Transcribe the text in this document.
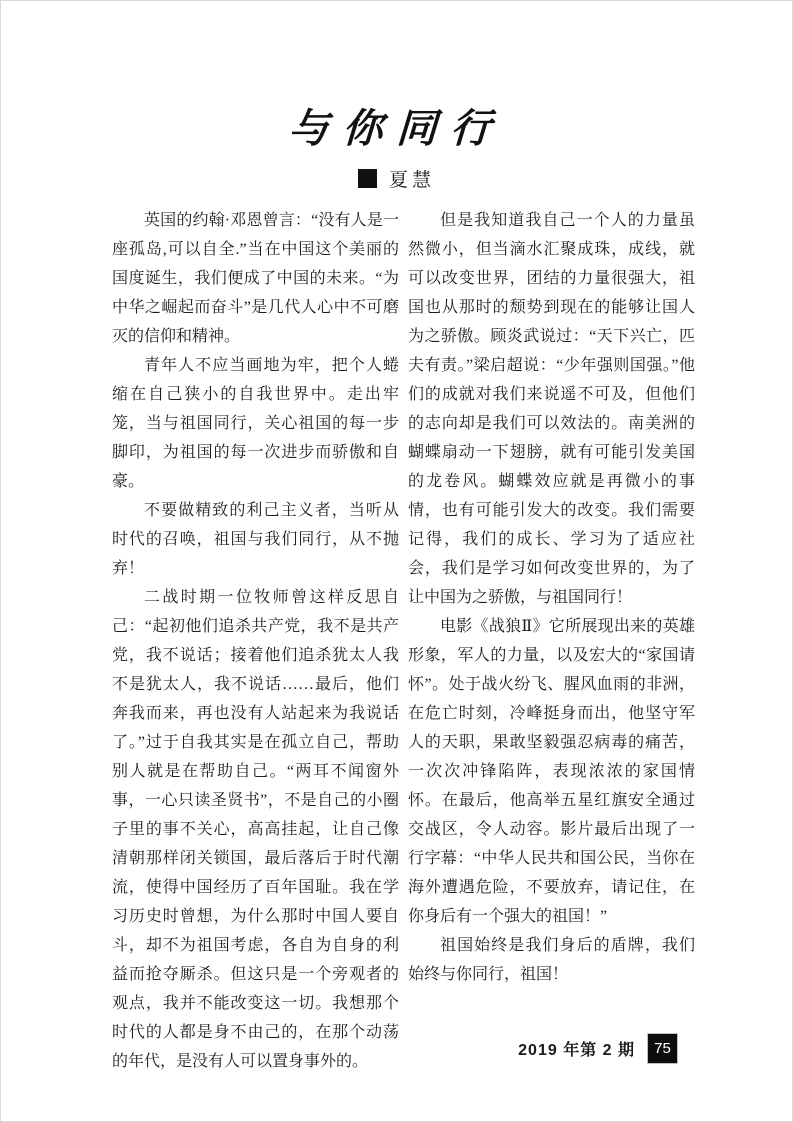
与你同行
夏慧

英国的约翰·邓恩曾言：“没有人是一座孤岛,可以自全.”当在中国这个美丽的国度诞生，我们便成了中国的未来。“为中华之崛起而奋斗”是几代人心中不可磨灭的信仰和精神。

青年人不应当画地为牢，把个人蜷缩在自己狭小的自我世界中。走出牢笼，当与祖国同行，关心祖国的每一步脚印，为祖国的每一次进步而骄傲和自豪。

不要做精致的利己主义者，当听从时代的召唤，祖国与我们同行，从不抛弃！

二战时期一位牧师曾这样反思自己：“起初他们追杀共产党，我不是共产党，我不说话；接着他们追杀犹太人我不是犹太人，我不说话……最后，他们奔我而来，再也没有人站起来为我说话了。”过于自我其实是在孤立自己，帮助别人就是在帮助自己。“两耳不闻窗外事，一心只读圣贤书”，不是自己的小圈子里的事不关心，高高挂起，让自己像清朝那样闭关锁国，最后落后于时代潮流，使得中国经历了百年国耻。我在学习历史时曾想，为什么那时中国人要自斗，却不为祖国考虑，各自为自身的利益而抢夺厮杀。但这只是一个旁观者的观点，我并不能改变这一切。我想那个时代的人都是身不由己的，在那个动荡的年代，是没有人可以置身事外的。

但是我知道我自己一个人的力量虽然微小，但当滴水汇聚成珠，成线，就可以改变世界，团结的力量很强大，祖国也从那时的颓势到现在的能够让国人为之骄傲。顾炎武说过：“天下兴亡，匹夫有责。”梁启超说：“少年强则国强。”他们的成就对我们来说遥不可及，但他们的志向却是我们可以效法的。南美洲的蝴蝶扇动一下翅膀，就有可能引发美国的龙卷风。蝴蝶效应就是再微小的事情，也有可能引发大的改变。我们需要记得，我们的成长、学习为了适应社会，我们是学习如何改变世界的，为了让中国为之骄傲，与祖国同行！

电影《战狼Ⅱ》它所展现出来的英雄形象，军人的力量，以及宏大的“家国请怀”。处于战火纷飞、腥风血雨的非洲，在危亡时刻，冷峰挺身而出，他坚守军人的天职，果敢坚毅强忍病毒的痛苦，一次次冲锋陷阵，表现浓浓的家国情怀。在最后，他高举五星红旗安全通过交战区，令人动容。影片最后出现了一行字幕：“中华人民共和国公民，当你在海外遭遇危险，不要放弃，请记住，在你身后有一个强大的祖国！”

祖国始终是我们身后的盾牌，我们始终与你同行，祖国！

2019 年第 2 期 75
